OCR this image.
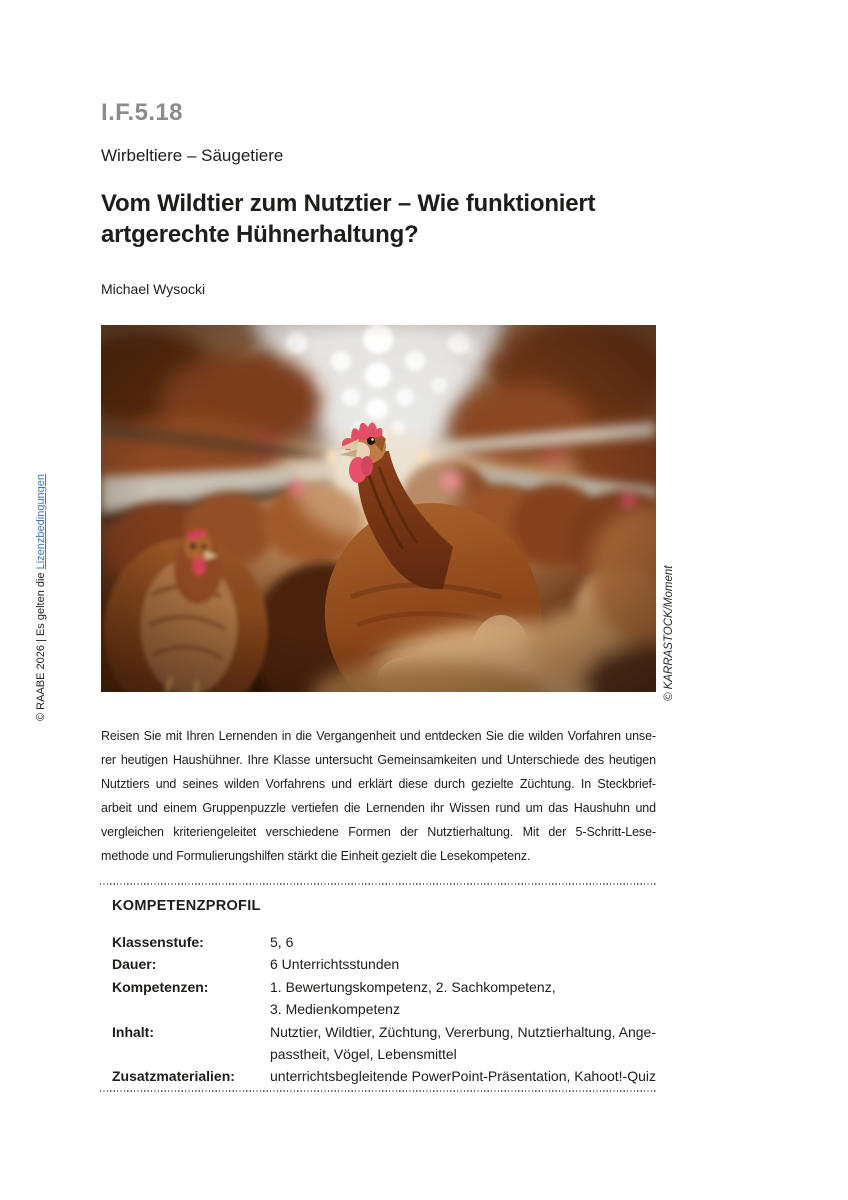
I.F.5.18
Wirbeltiere – Säugetiere
Vom Wildtier zum Nutztier – Wie funktioniert
artgerechte Hühnerhaltung?
Michael Wysocki
© KARRASTOCK/Moment
© RAABE 2026 | Es gelten die Lizenzbedingungen
Reisen Sie mit Ihren Lernenden in die Vergangenheit und entdecken Sie die wilden Vorfahren unse-
rer heutigen Haushühner. Ihre Klasse untersucht Gemeinsamkeiten und Unterschiede des heutigen
Nutztiers und seines wilden Vorfahrens und erklärt diese durch gezielte Züchtung. In Steckbrief-
arbeit und einem Gruppenpuzzle vertiefen die Lernenden ihr Wissen rund um das Haushuhn und
vergleichen kriteriengeleitet verschiedene Formen der Nutztierhaltung. Mit der 5-Schritt-Lese-
methode und Formulierungshilfen stärkt die Einheit gezielt die Lesekompetenz.
KOMPETENZPROFIL
Klassenstufe:	5, 6
Dauer:	6 Unterrichtsstunden
Kompetenzen:	1. Bewertungskompetenz, 2. Sachkompetenz,
3. Medienkompetenz
Inhalt:	Nutztier, Wildtier, Züchtung, Vererbung, Nutztierhaltung, Ange-
passtheit, Vögel, Lebensmittel
Zusatzmaterialien:	unterrichtsbegleitende PowerPoint-Präsentation, Kahoot!-Quiz
